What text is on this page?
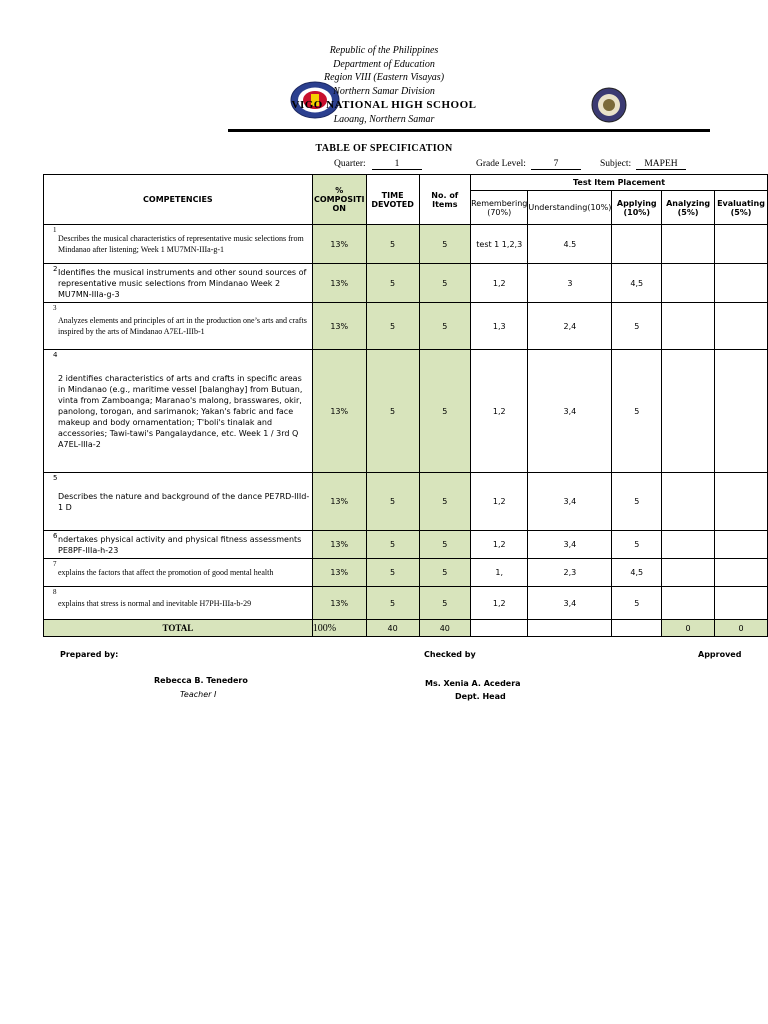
Republic of the Philippines
Department of Education
Region VIII (Eastern Visayas)
Northern Samar Division
VIGO NATIONAL HIGH SCHOOL
Laoang, Northern Samar
TABLE OF SPECIFICATION
Quarter:	1	Grade Level:	7	Subject:	MAPEH
COMPETENCIES	% COMPOSITI ON	TIME DEVOTED	No. of Items	Test Item Placement				
				Remembering (70%)	Understanding(10%)	Applying (10%)	Analyzing (5%)	Evaluating (5%)

1
Describes the musical characteristics of representative music selections from Mindanao after listening; Week 1 MU7MN-IIIa-g-1	13%	5	5	test 1 1,2,3	4.5			

2 Identifies the musical instruments and other sound sources of representative music selections from Mindanao Week 2 MU7MN-IIIa-g-3	13%	5	5	1,2	3	4,5		

3
Analyzes elements and principles of art in the production one’s arts and crafts inspired by the arts of Mindanao A7EL-IIIb-1	13%	5	5	1,3	2,4	5		

4
2 identifies characteristics of arts and crafts in specific areas in Mindanao (e.g., maritime vessel [balanghay] from Butuan, vinta from Zamboanga; Maranao's malong, brasswares, okir, panolong, torogan, and sarimanok; Yakan's fabric and face makeup and body ornamentation; T'boli's tinalak and accessories; Tawi-tawi's Pangalaydance, etc. Week 1 / 3rd Q A7EL-IIIa-2	13%	5	5	1,2	3,4	5		

5
Describes the nature and background of the dance PE7RD-IIId-1 D	13%	5	5	1,2	3,4	5		

6 ndertakes physical activity and physical fitness assessments PE8PF-IIIa-h-23	13%	5	5	1,2	3,4	5		

7
explains the factors that affect the promotion of good mental health	13%	5	5	1,	2,3	4,5		

8
explains that stress is normal and inevitable H7PH-IIIa-b-29	13%	5	5	1,2	3,4	5		
TOTAL	100%	40	40				0	0
Prepared by:	Checked by	Approved
Rebecca B. Tenedero
Teacher I
Ms. Xenia A. Acedera
Dept. Head
